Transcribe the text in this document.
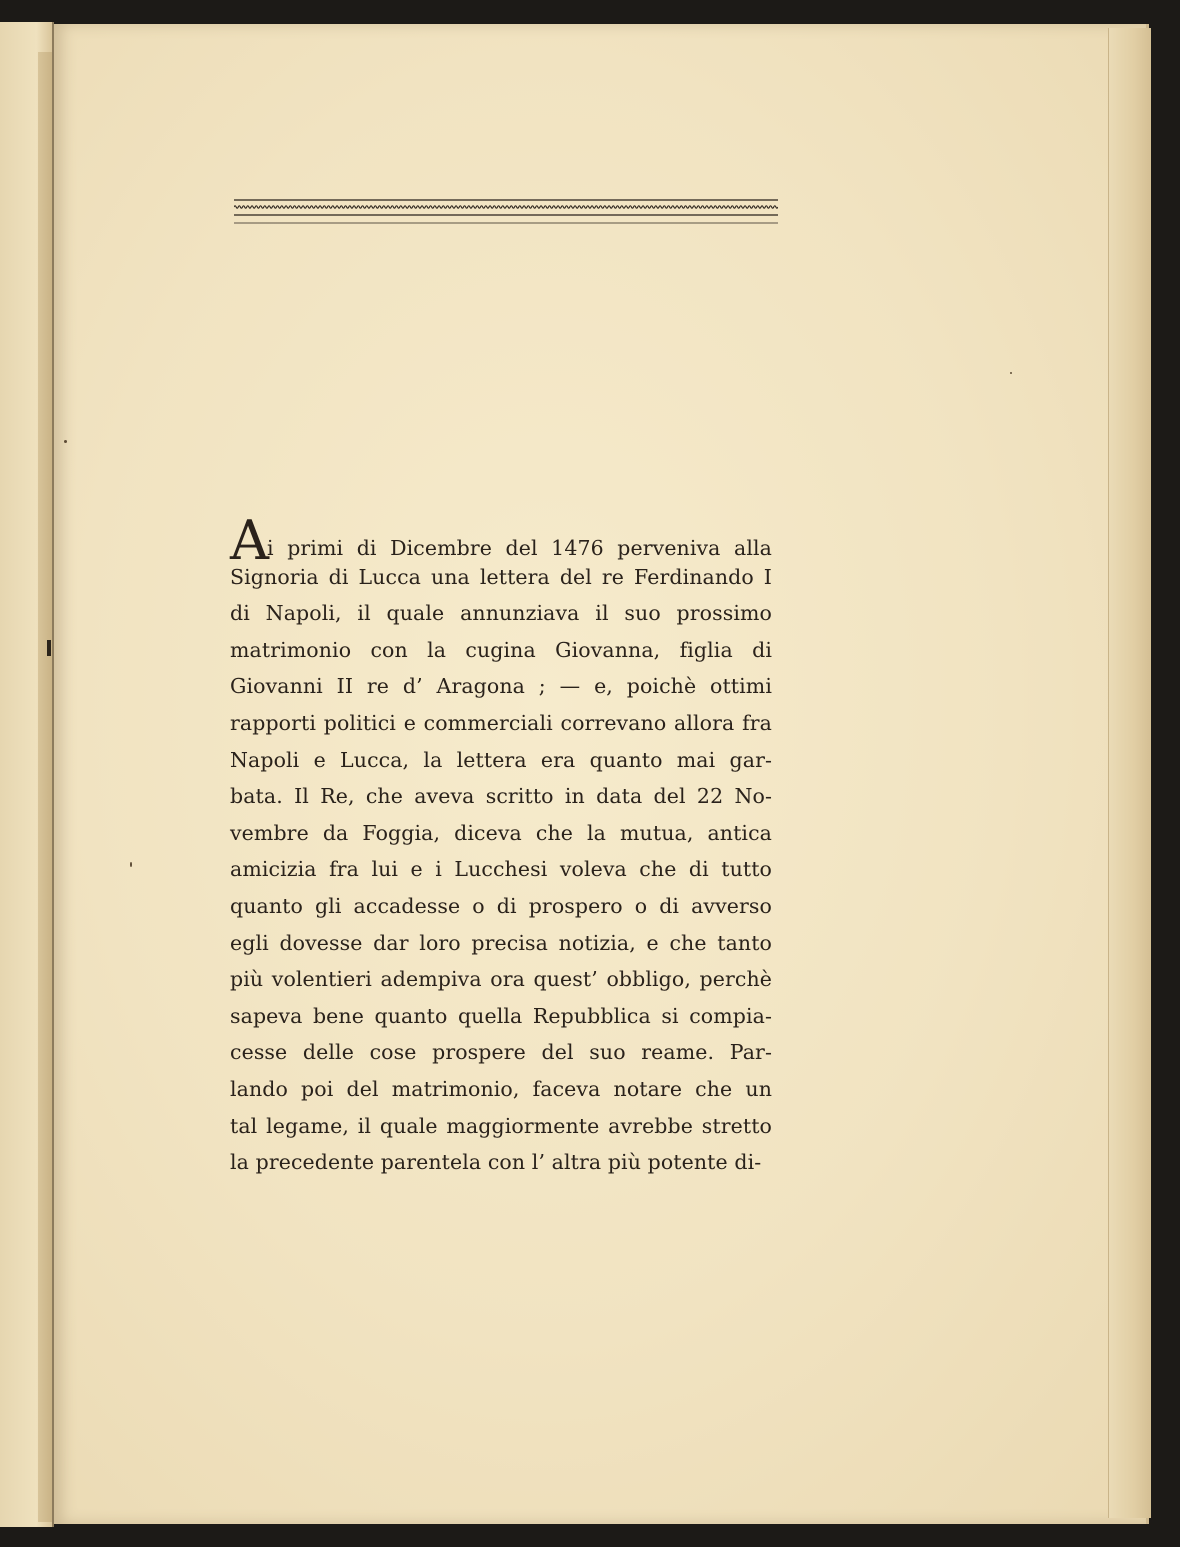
Ai primi di Dicembre del 1476 perveniva alla
Signoria di Lucca una lettera del re Ferdinando I
di Napoli, il quale annunziava il suo prossimo
matrimonio con la cugina Giovanna, figlia di
Giovanni II re d’ Aragona ; — e, poichè ottimi
rapporti politici e commerciali correvano allora fra
Napoli e Lucca, la lettera era quanto mai gar-
bata. Il Re, che aveva scritto in data del 22 No-
vembre da Foggia, diceva che la mutua, antica
amicizia fra lui e i Lucchesi voleva che di tutto
quanto gli accadesse o di prospero o di avverso
egli dovesse dar loro precisa notizia, e che tanto
più volentieri adempiva ora quest’ obbligo, perchè
sapeva bene quanto quella Repubblica si compia-
cesse delle cose prospere del suo reame. Par-
lando poi del matrimonio, faceva notare che un
tal legame, il quale maggiormente avrebbe stretto
la precedente parentela con l’ altra più potente di-
